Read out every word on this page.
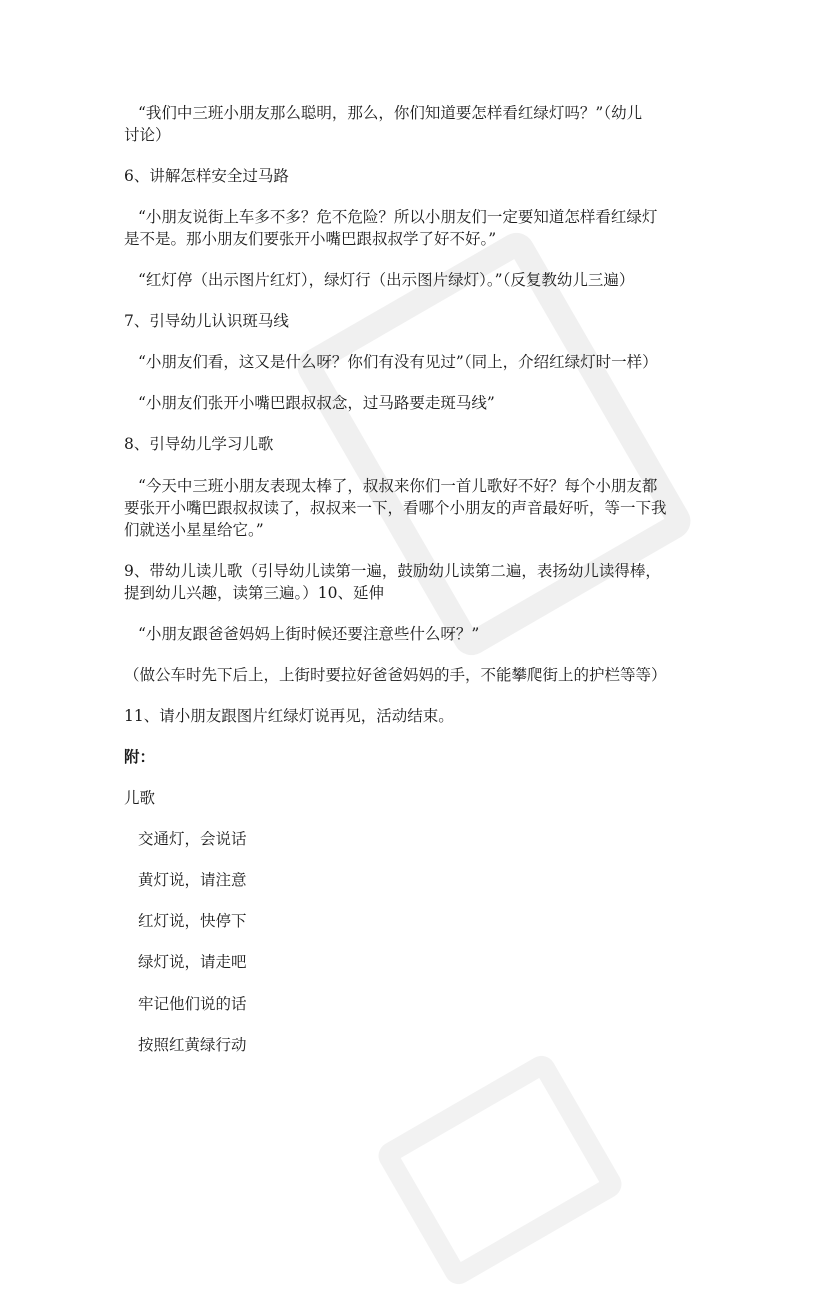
“我们中三班小朋友那么聪明，那么，你们知道要怎样看红绿灯吗？”（幼儿

讨论）

6、讲解怎样安全过马路

“小朋友说街上车多不多？危不危险？所以小朋友们一定要知道怎样看红绿灯

是不是。那小朋友们要张开小嘴巴跟叔叔学了好不好。”

“红灯停（出示图片红灯），绿灯行（出示图片绿灯）。”（反复教幼儿三遍）

7、引导幼儿认识斑马线

“小朋友们看，这又是什么呀？你们有没有见过”（同上，介绍红绿灯时一样）

“小朋友们张开小嘴巴跟叔叔念，过马路要走斑马线”

8、引导幼儿学习儿歌

“今天中三班小朋友表现太棒了，叔叔来你们一首儿歌好不好？每个小朋友都

要张开小嘴巴跟叔叔读了，叔叔来一下，看哪个小朋友的声音最好听，等一下我

们就送小星星给它。”

9、带幼儿读儿歌（引导幼儿读第一遍，鼓励幼儿读第二遍，表扬幼儿读得棒，

提到幼儿兴趣，读第三遍。）10、延伸

“小朋友跟爸爸妈妈上街时候还要注意些什么呀？”

（做公车时先下后上，上街时要拉好爸爸妈妈的手，不能攀爬街上的护栏等等）

11、请小朋友跟图片红绿灯说再见，活动结束。

附：

儿歌

交通灯，会说话

黄灯说，请注意

红灯说，快停下

绿灯说，请走吧

牢记他们说的话

按照红黄绿行动
